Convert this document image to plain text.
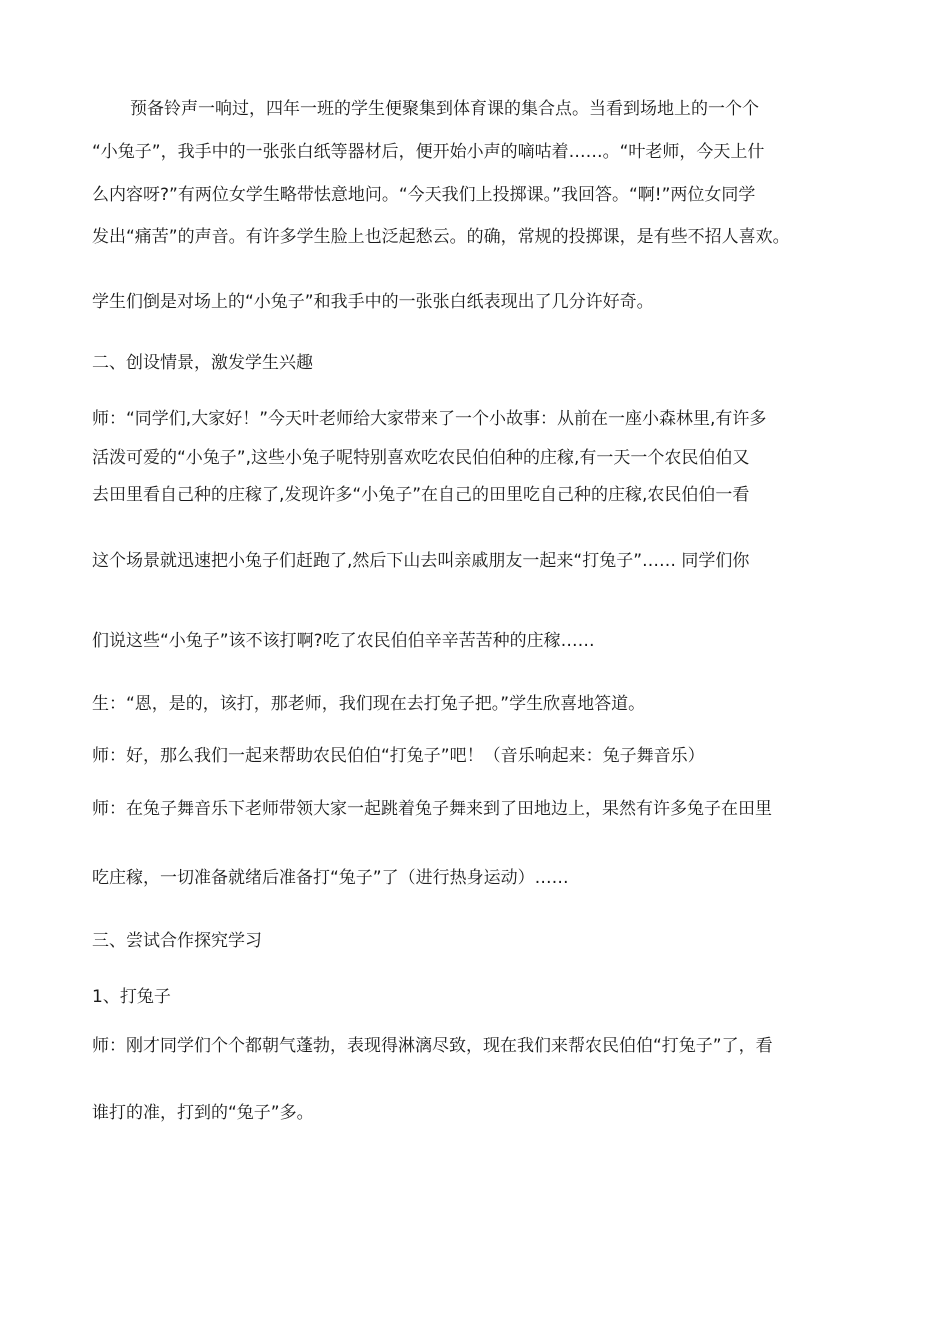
预备铃声一响过，四年一班的学生便聚集到体育课的集合点。当看到场地上的一个个

“小兔子”，我手中的一张张白纸等器材后，便开始小声的嘀咕着……。“叶老师，今天上什

么内容呀?”有两位女学生略带怯意地问。“今天我们上投掷课。”我回答。“啊!”两位女同学

发出“痛苦”的声音。有许多学生脸上也泛起愁云。的确，常规的投掷课，是有些不招人喜欢。

学生们倒是对场上的“小兔子”和我手中的一张张白纸表现出了几分许好奇。

二、创设情景，激发学生兴趣

师：“同学们,大家好！”今天叶老师给大家带来了一个小故事：从前在一座小森林里,有许多

活泼可爱的“小兔子”,这些小兔子呢特别喜欢吃农民伯伯种的庄稼,有一天一个农民伯伯又

去田里看自己种的庄稼了,发现许多“小兔子”在自己的田里吃自己种的庄稼,农民伯伯一看

这个场景就迅速把小兔子们赶跑了,然后下山去叫亲戚朋友一起来“打兔子”…… 同学们你

们说这些“小兔子”该不该打啊?吃了农民伯伯辛辛苦苦种的庄稼……

生：“恩，是的，该打，那老师，我们现在去打兔子把。”学生欣喜地答道。

师：好，那么我们一起来帮助农民伯伯“打兔子”吧！（音乐响起来：兔子舞音乐）

师：在兔子舞音乐下老师带领大家一起跳着兔子舞来到了田地边上，果然有许多兔子在田里

吃庄稼，一切准备就绪后准备打“兔子”了（进行热身运动）……

三、尝试合作探究学习

1、打兔子

师：刚才同学们个个都朝气蓬勃，表现得淋漓尽致，现在我们来帮农民伯伯“打兔子”了，看

谁打的准，打到的“兔子”多。
